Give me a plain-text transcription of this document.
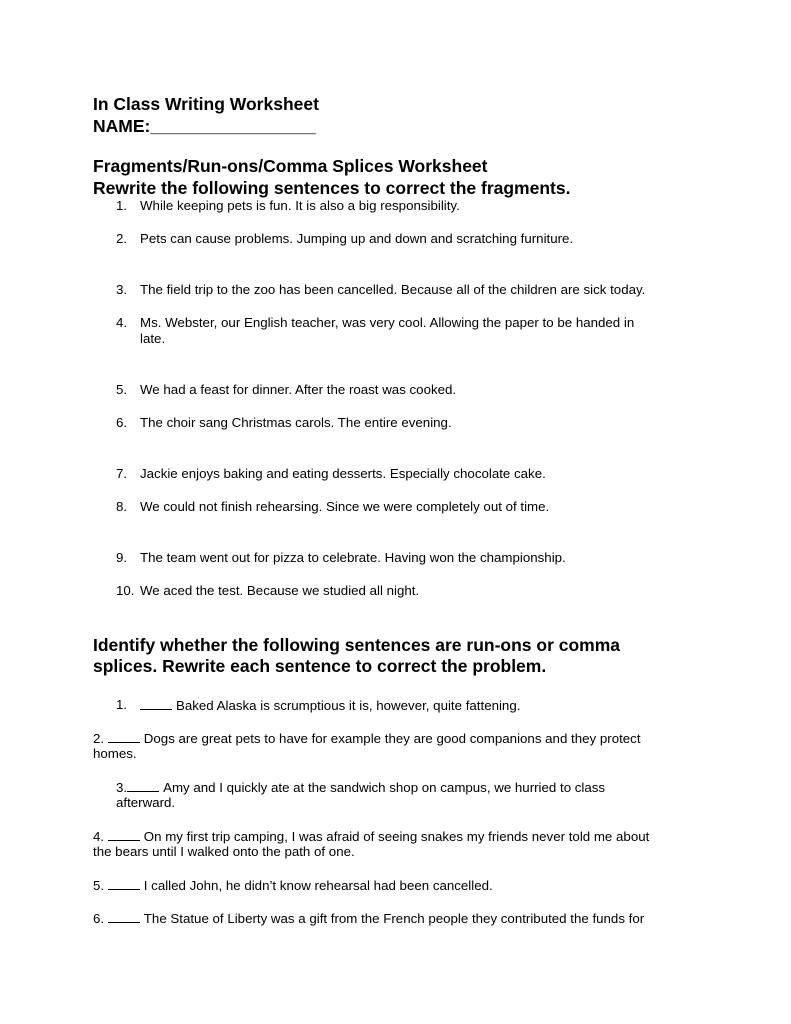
In Class Writing Worksheet
NAME:_________________
Fragments/Run-ons/Comma Splices Worksheet
Rewrite the following sentences to correct the fragments.
1. While keeping pets is fun. It is also a big responsibility.
2. Pets can cause problems. Jumping up and down and scratching furniture.
3. The field trip to the zoo has been cancelled. Because all of the children are sick today.
4. Ms. Webster, our English teacher, was very cool. Allowing the paper to be handed in
late.
5. We had a feast for dinner. After the roast was cooked.
6. The choir sang Christmas carols. The entire evening.
7. Jackie enjoys baking and eating desserts. Especially chocolate cake.
8. We could not finish rehearsing. Since we were completely out of time.
9. The team went out for pizza to celebrate. Having won the championship.
10. We aced the test. Because we studied all night.
Identify whether the following sentences are run-ons or comma
splices. Rewrite each sentence to correct the problem.
1.	Baked Alaska is scrumptious it is, however, quite fattening.
2.	Dogs are great pets to have for example they are good companions and they protect
homes.
3.	Amy and I quickly ate at the sandwich shop on campus, we hurried to class
afterward.
4.	On my first trip camping, I was afraid of seeing snakes my friends never told me about
the bears until I walked onto the path of one.
5.	I called John, he didn’t know rehearsal had been cancelled.
6.	The Statue of Liberty was a gift from the French people they contributed the funds for
